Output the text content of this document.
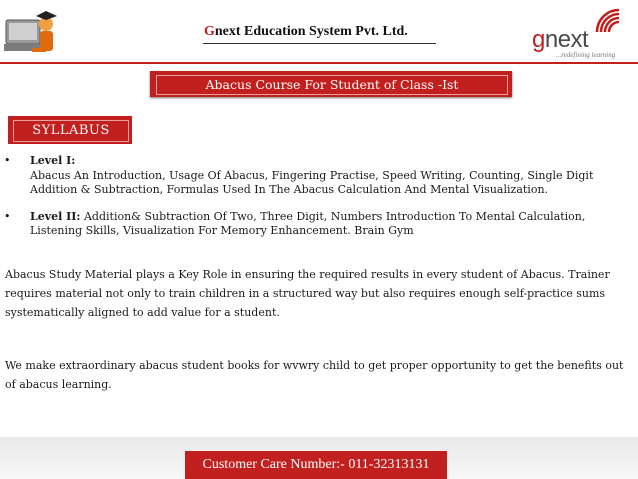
Gnext Education System Pvt. Ltd.	gnext
...redefining learning
Abacus Course For Student of Class -Ist
SYLLABUS
• Level I:
Abacus An Introduction, Usage Of Abacus, Fingering Practise, Speed Writing, Counting, Single Digit Addition & Subtraction, Formulas Used In The Abacus Calculation And Mental Visualization.
• Level II: Addition& Subtraction Of Two, Three Digit, Numbers Introduction To Mental Calculation, Listening Skills, Visualization For Memory Enhancement. Brain Gym
Abacus Study Material plays a Key Role in ensuring the required results in every student of Abacus. Trainer requires material not only to train children in a structured way but also requires enough self-practice sums systematically aligned to add value for a student.
We make extraordinary abacus student books for wvwry child to get proper opportunity to get the benefits out of abacus learning.
Customer Care Number:- 011-32313131
